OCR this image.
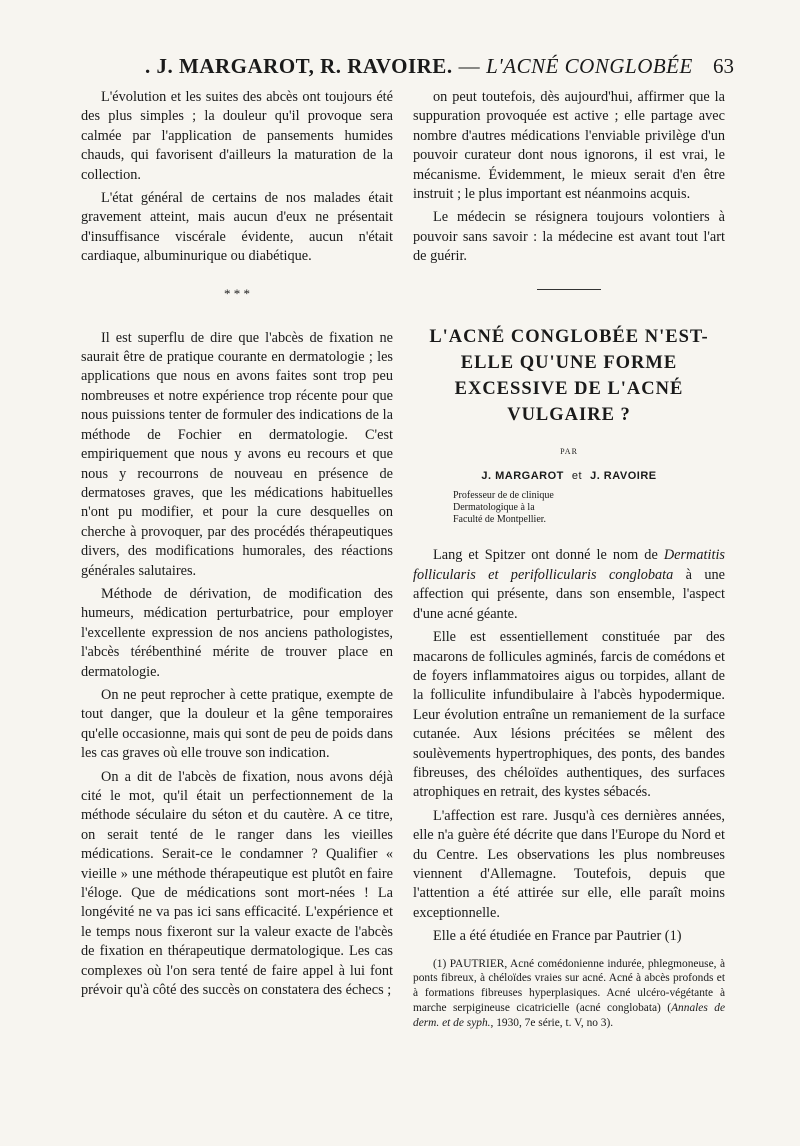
. J. MARGAROT, R. RAVOIRE. — L'ACNÉ CONGLOBÉE 63

L'évolution et les suites des abcès ont toujours été des plus simples ; la douleur qu'il provoque sera calmée par l'application de pansements humides chauds, qui favorisent d'ailleurs la maturation de la collection.

L'état général de certains de nos malades était gravement atteint, mais aucun d'eux ne présentait d'insuffisance viscérale évidente, aucun n'était cardiaque, albuminurique ou diabétique.

* * *

Il est superflu de dire que l'abcès de fixation ne saurait être de pratique courante en dermatologie ; les applications que nous en avons faites sont trop peu nombreuses et notre expérience trop récente pour que nous puissions tenter de formuler des indications de la méthode de Fochier en dermatologie. C'est empiriquement que nous y avons eu recours et que nous y recourrons de nouveau en présence de dermatoses graves, que les médications habituelles n'ont pu modifier, et pour la cure desquelles on cherche à provoquer, par des procédés thérapeutiques divers, des modifications humorales, des réactions générales salutaires.

Méthode de dérivation, de modification des humeurs, médication perturbatrice, pour employer l'excellente expression de nos anciens pathologistes, l'abcès térébenthiné mérite de trouver place en dermatologie.

On ne peut reprocher à cette pratique, exempte de tout danger, que la douleur et la gêne temporaires qu'elle occasionne, mais qui sont de peu de poids dans les cas graves où elle trouve son indication.

On a dit de l'abcès de fixation, nous avons déjà cité le mot, qu'il était un perfectionnement de la méthode séculaire du séton et du cautère. A ce titre, on serait tenté de le ranger dans les vieilles médications. Serait-ce le condamner ? Qualifier « vieille » une méthode thérapeutique est plutôt en faire l'éloge. Que de médications sont mort-nées ! La longévité ne va pas ici sans efficacité. L'expérience et le temps nous fixeront sur la valeur exacte de l'abcès de fixation en thérapeutique dermatologique. Les cas complexes où l'on sera tenté de faire appel à lui font prévoir qu'à côté des succès on constatera des échecs ;

on peut toutefois, dès aujourd'hui, affirmer que la suppuration provoquée est active ; elle partage avec nombre d'autres médications l'enviable privilège d'un pouvoir curateur dont nous ignorons, il est vrai, le mécanisme. Évidemment, le mieux serait d'en être instruit ; le plus important est néanmoins acquis.

Le médecin se résignera toujours volontiers à pouvoir sans savoir : la médecine est avant tout l'art de guérir.

L'ACNÉ CONGLOBÉE N'EST-ELLE QU'UNE FORME EXCESSIVE DE L'ACNÉ VULGAIRE ?
PAR
J. MARGAROT et J. RAVOIRE
Professeur de de clinique
Dermatologique à la
Faculté de Montpellier.

Lang et Spitzer ont donné le nom de Dermatitis follicularis et perifollicularis conglobata à une affection qui présente, dans son ensemble, l'aspect d'une acné géante.

Elle est essentiellement constituée par des macarons de follicules agminés, farcis de comédons et de foyers inflammatoires aigus ou torpides, allant de la folliculite infundibulaire à l'abcès hypodermique. Leur évolution entraîne un remaniement de la surface cutanée. Aux lésions précitées se mêlent des soulèvements hypertrophiques, des ponts, des bandes fibreuses, des chéloïdes authentiques, des surfaces atrophiques en retrait, des kystes sébacés.

L'affection est rare. Jusqu'à ces dernières années, elle n'a guère été décrite que dans l'Europe du Nord et du Centre. Les observations les plus nombreuses viennent d'Allemagne. Toutefois, depuis que l'attention a été attirée sur elle, elle paraît moins exceptionnelle.

Elle a été étudiée en France par Pautrier (1)

(1) PAUTRIER, Acné comédonienne indurée, phlegmoneuse, à ponts fibreux, à chéloïdes vraies sur acné. Acné à abcès profonds et à formations fibreuses hyperplasiques. Acné ulcéro-végétante à marche serpigineuse cicatricielle (acné conglobata) (Annales de derm. et de syph., 1930, 7e série, t. V, no 3).
